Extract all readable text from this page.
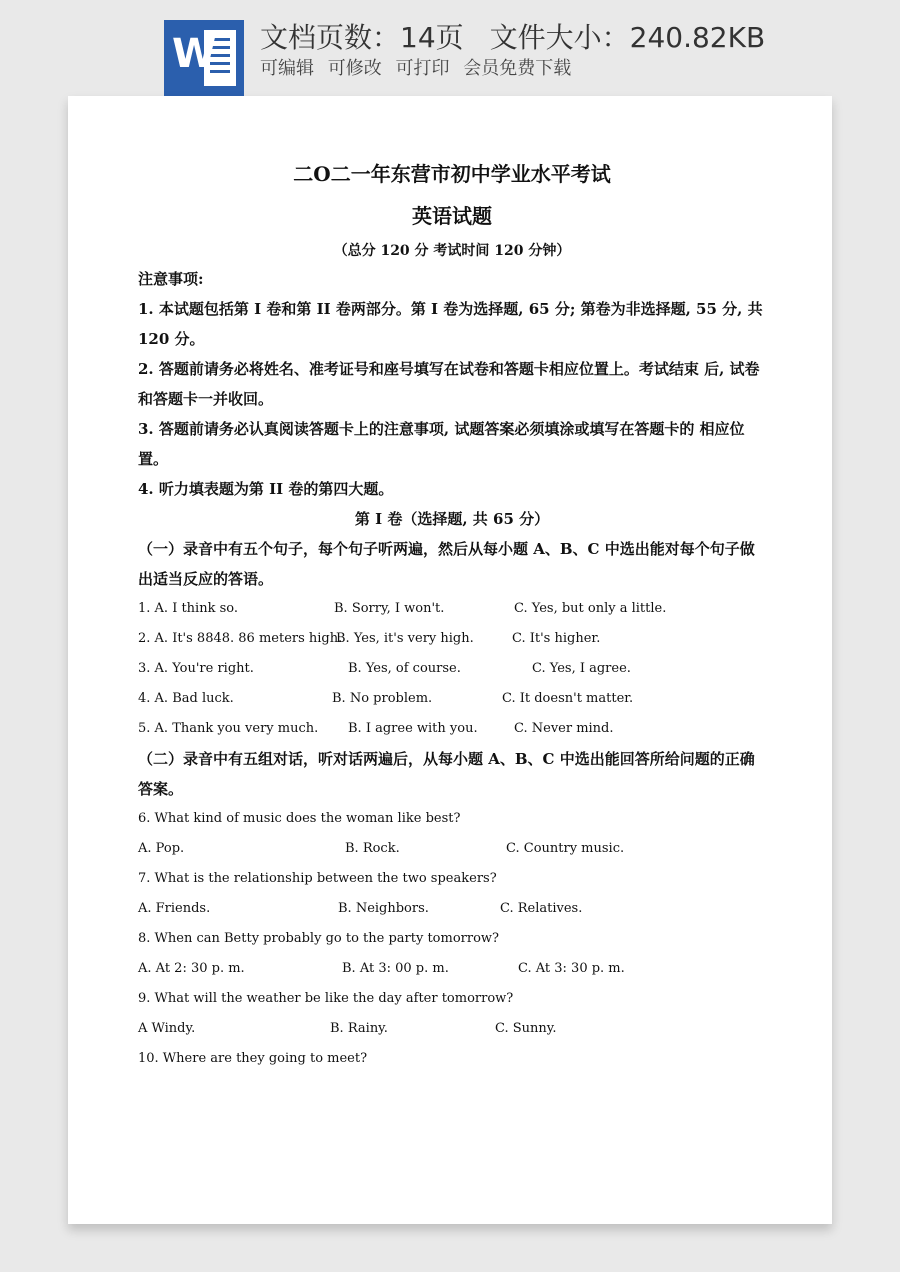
W 文档页数：14页 文件大小：240.82KB
可编辑 可修改 可打印 会员免费下载
二O二一年东营市初中学业水平考试
英语试题
（总分 120 分 考试时间 120 分钟）
注意事项:
1. 本试题包括第 I 卷和第 II 卷两部分。第 I 卷为选择题, 65 分; 第卷为非选择题, 55 分, 共 120 分。
2. 答题前请务必将姓名、准考证号和座号填写在试卷和答题卡相应位置上。考试结束 后, 试卷和答题卡一并收回。
3. 答题前请务必认真阅读答题卡上的注意事项, 试题答案必须填涂或填写在答题卡的 相应位置。
4. 听力填表题为第 II 卷的第四大题。
第 I 卷（选择题, 共 65 分）
（一）录音中有五个句子，每个句子听两遍，然后从每小题 A、B、C 中选出能对每个句子做出适当反应的答语。
1. A. I think so.	B. Sorry, I won't.	C. Yes, but only a little.
2. A. It's 8848. 86 meters high.
B. Yes, it's very high.	C. It's higher.
3. A. You're right.	B. Yes, of course.	C. Yes, I agree.
4. A. Bad luck.	B. No problem.	C. It doesn't matter.
5. A. Thank you very much. B. I agree with you.	C. Never mind.
（二）录音中有五组对话，听对话两遍后，从每小题 A、B、C 中选出能回答所给问题的正确答案。
6. What kind of music does the woman like best?
A. Pop.	B. Rock.	C. Country music.
7. What is the relationship between the two speakers?
A. Friends.	B. Neighbors.	C. Relatives.
8. When can Betty probably go to the party tomorrow?
A. At 2: 30 p. m.	B. At 3: 00 p. m.	C. At 3: 30 p. m.
9. What will the weather be like the day after tomorrow?
A Windy.	B. Rainy.	C. Sunny.
10. Where are they going to meet?
